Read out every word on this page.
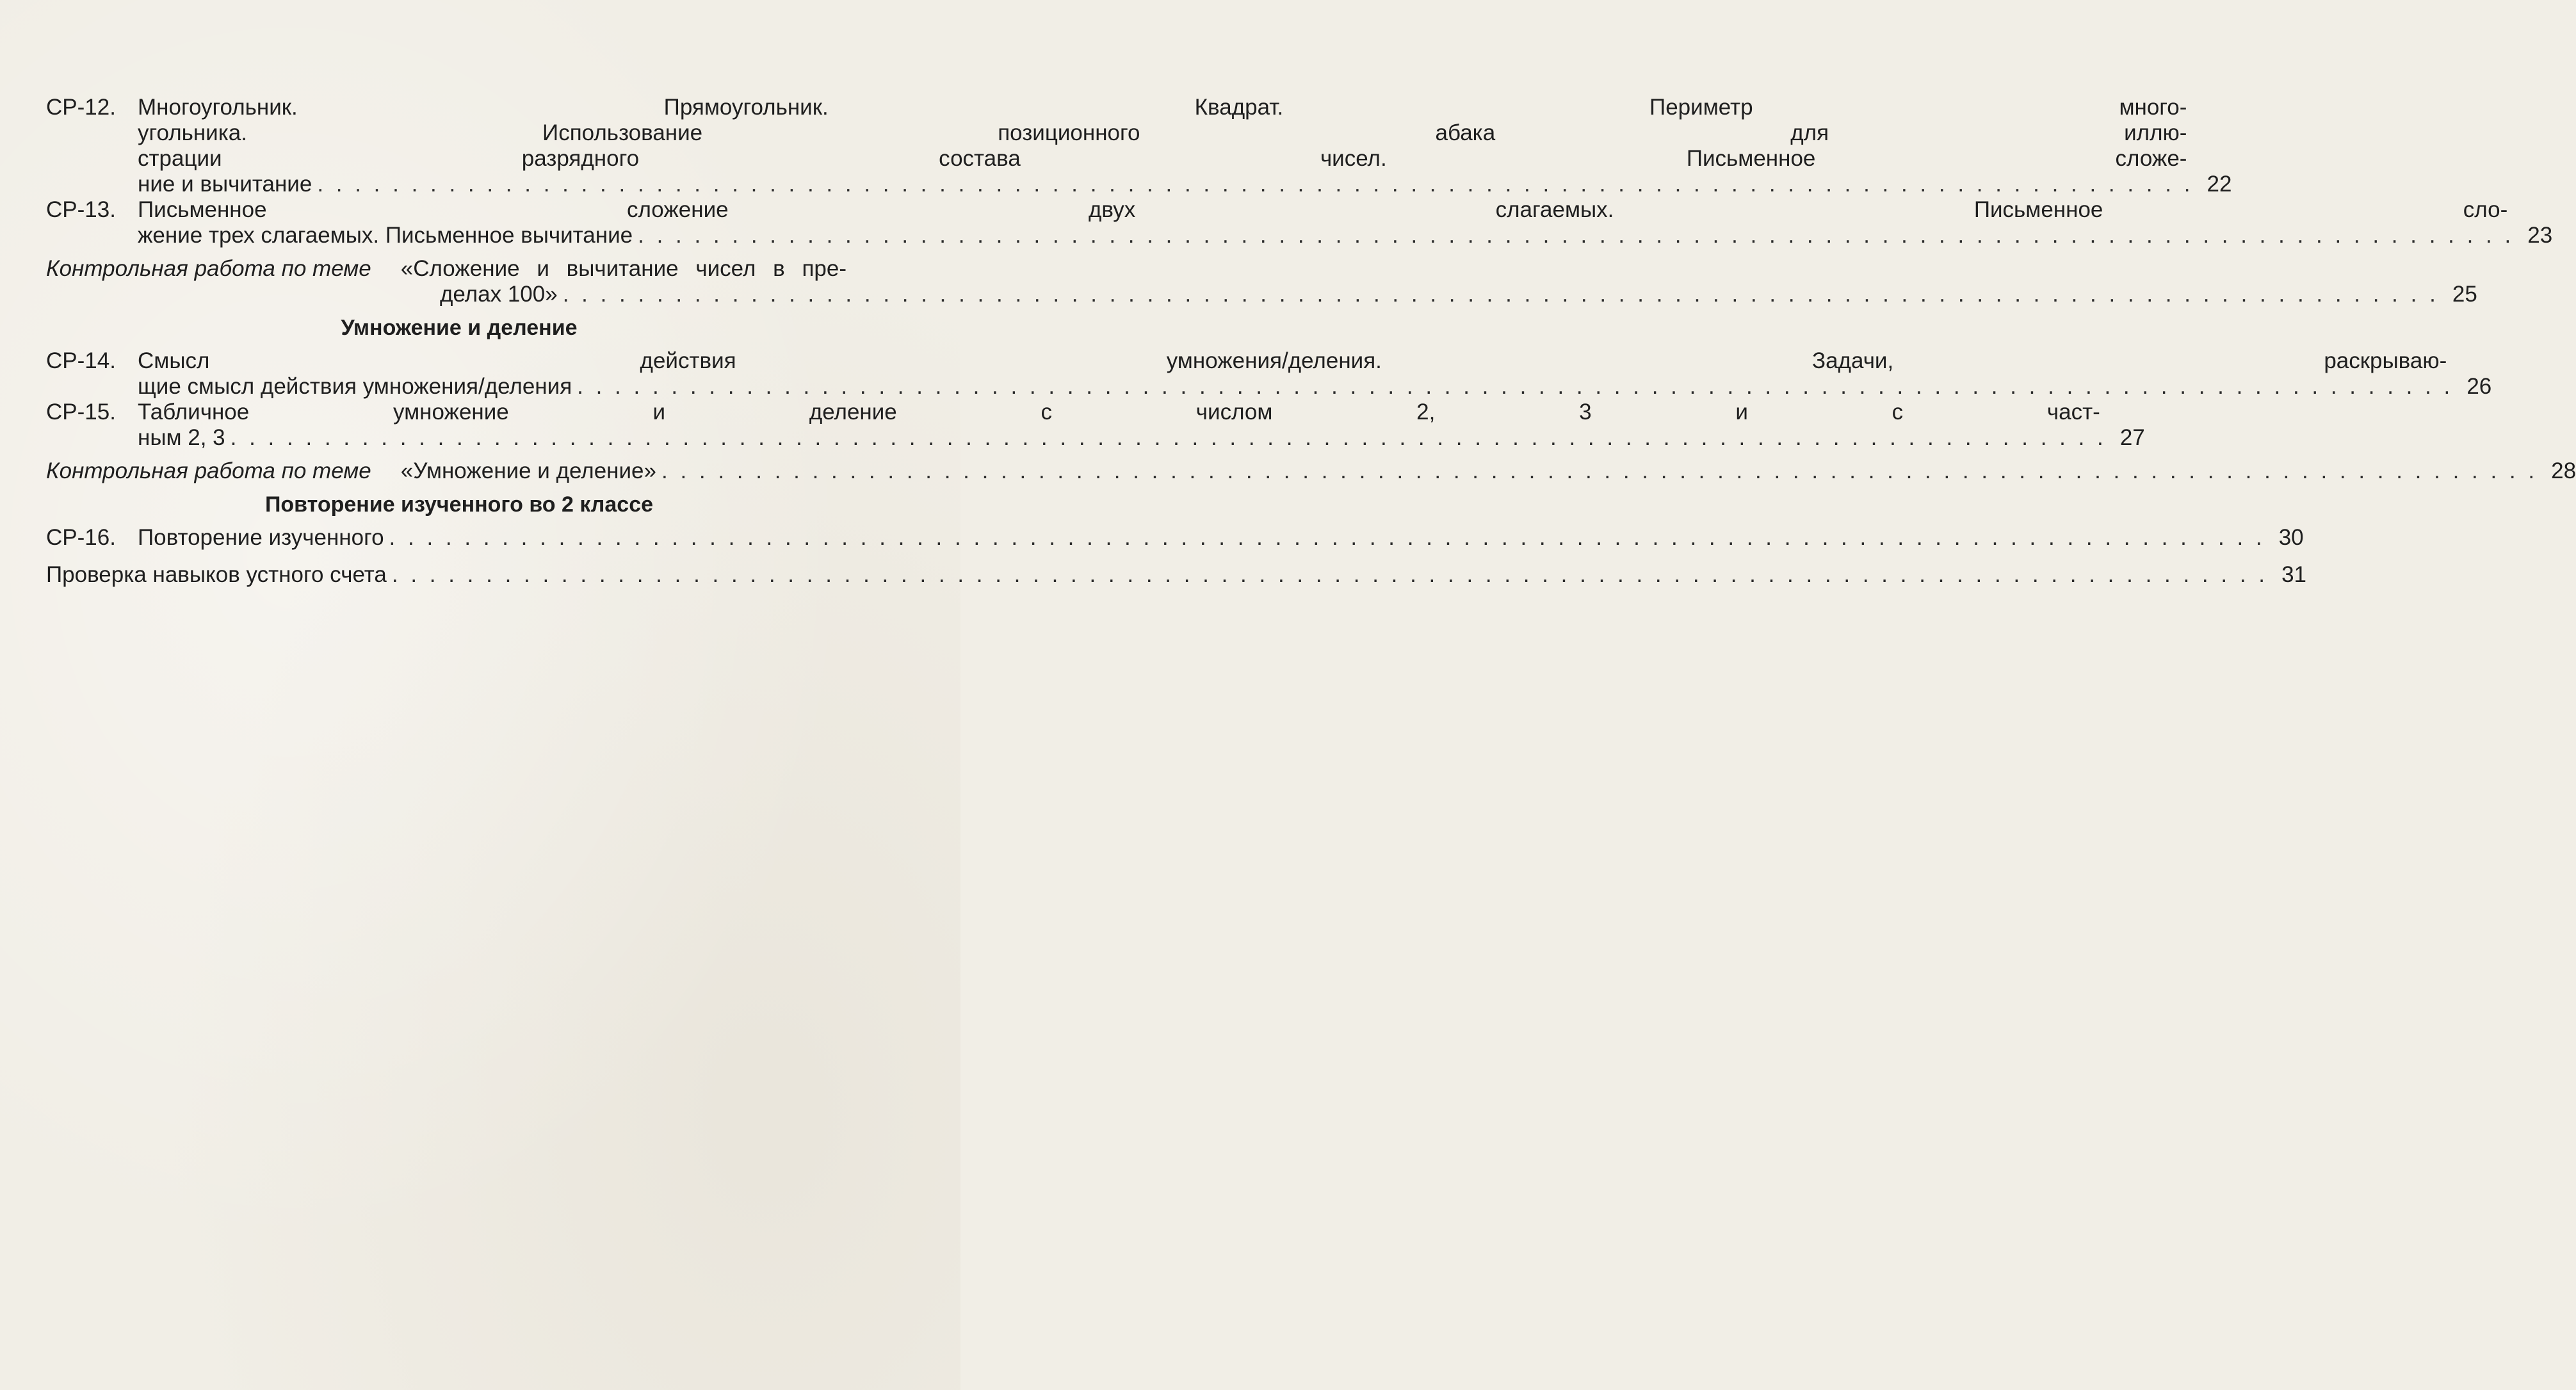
СР-12. Многоугольник. Прямоугольник. Квадрат. Периметр много-
угольника. Использование позиционного абака для иллю-
страции разрядного состава чисел. Письменное сложе-
ние и вычитание . . .	22
СР-13. Письменное сложение двух слагаемых. Письменное сло-
жение трех слагаемых. Письменное вычитание . . .	23
Контрольная работа по теме «Сложение и вычитание чисел в пре-
делах 100» . . .	25
Умножение и деление
СР-14. Смысл действия умножения/деления. Задачи, раскрываю-
щие смысл действия умножения/деления . . .	26
СР-15. Табличное умножение и деление с числом 2, 3 и с част-
ным 2, 3 . . .	27
Контрольная работа по теме «Умножение и деление» . . .	28
Повторение изученного во 2 классе
СР-16. Повторение изученного . . .	30
Проверка навыков устного счета . . .	31
